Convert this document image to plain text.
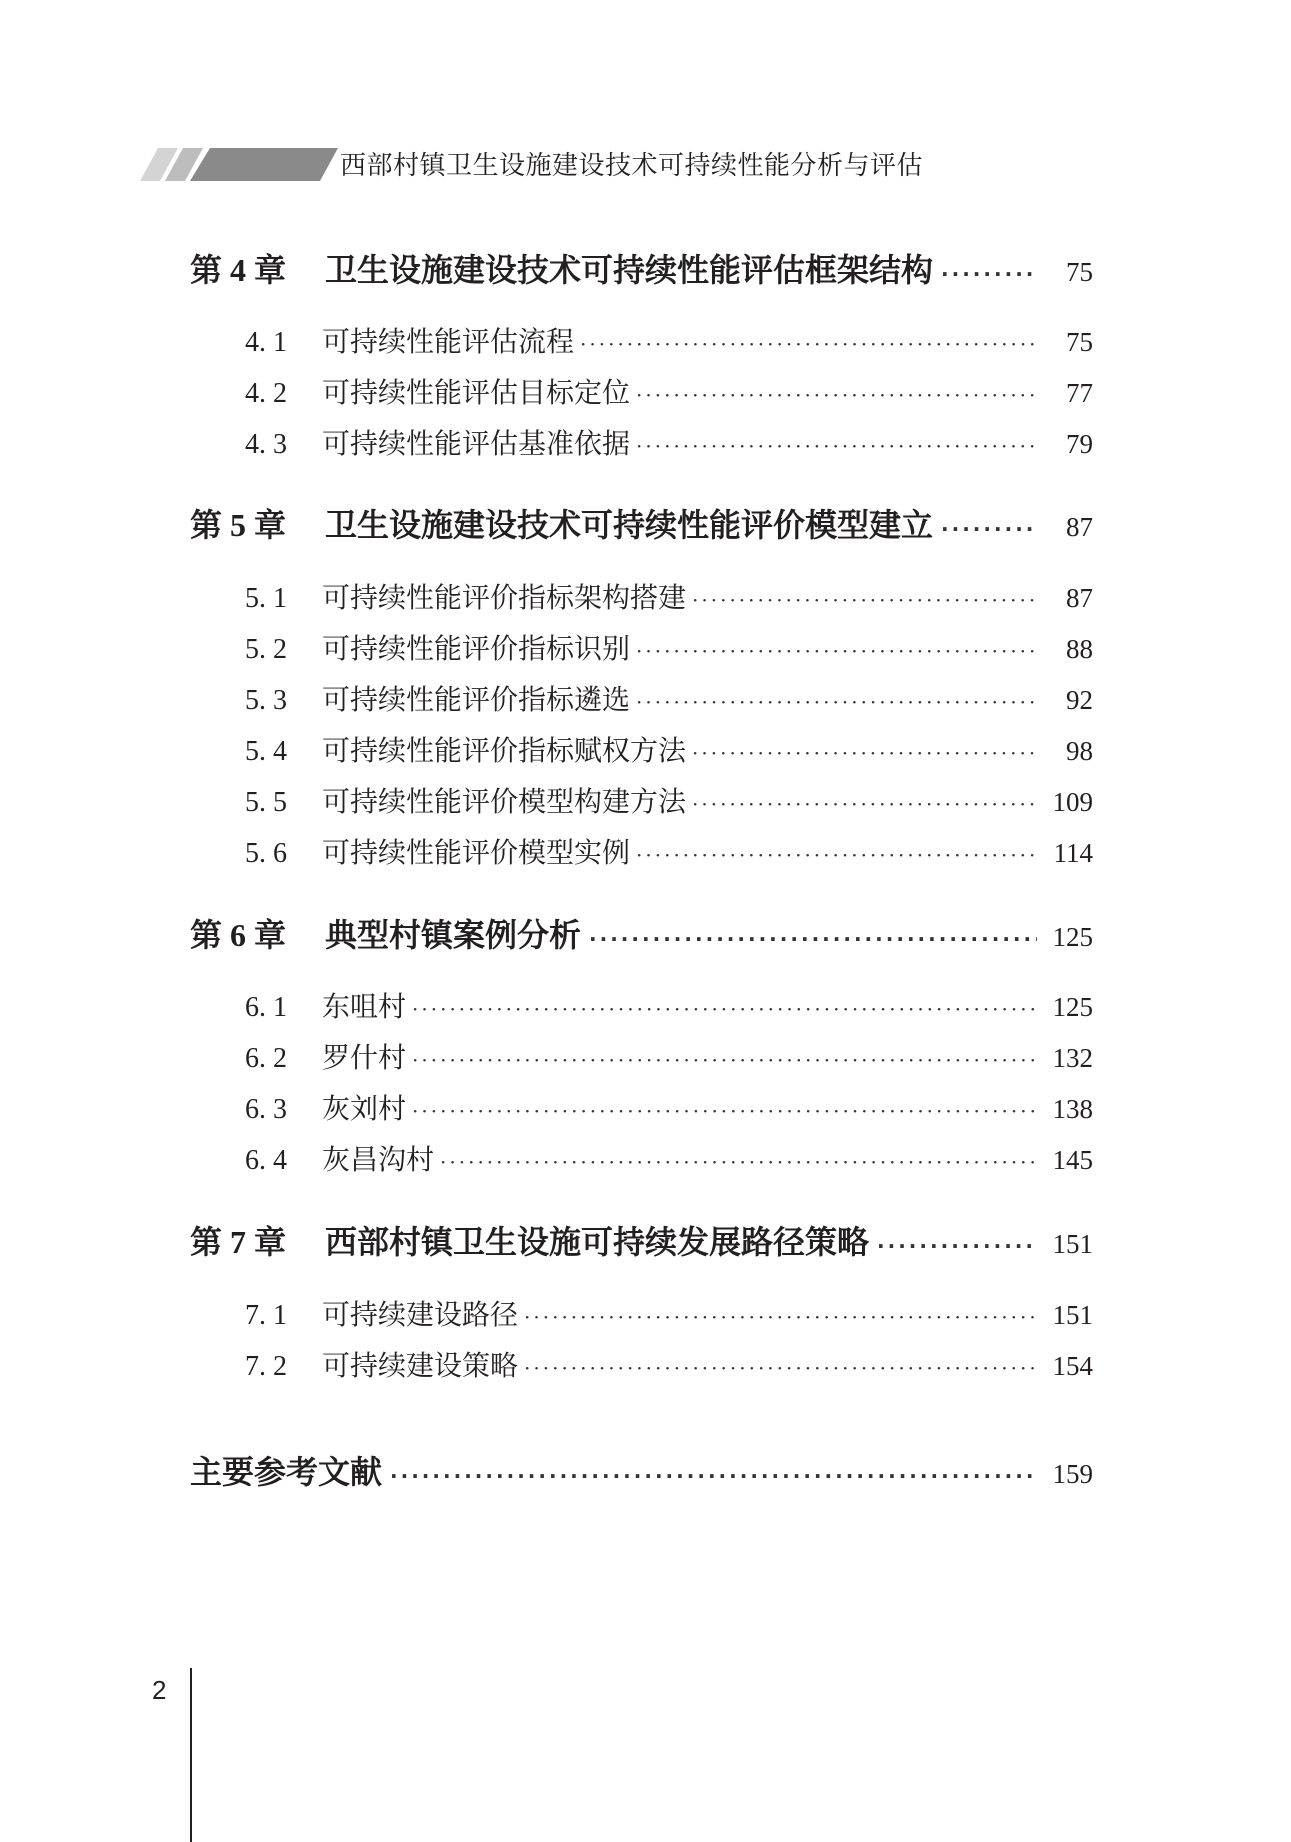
西部村镇卫生设施建设技术可持续性能分析与评估
第 4 章	卫生设施建设技术可持续性能评估框架结构 ·····	75
4. 1	可持续性能评估流程 ·····	75
4. 2	可持续性能评估目标定位 ·····	77
4. 3	可持续性能评估基准依据 ·····	79
第 5 章	卫生设施建设技术可持续性能评价模型建立 ·····	87
5. 1	可持续性能评价指标架构搭建 ·····	87
5. 2	可持续性能评价指标识别 ·····	88
5. 3	可持续性能评价指标遴选 ·····	92
5. 4	可持续性能评价指标赋权方法 ·····	98
5. 5	可持续性能评价模型构建方法 ·····	109
5. 6	可持续性能评价模型实例 ·····	114
第 6 章	典型村镇案例分析 ·····	125
6. 1	东咀村 ·····	125
6. 2	罗什村 ·····	132
6. 3	灰刘村 ·····	138
6. 4	灰昌沟村 ·····	145
第 7 章	西部村镇卫生设施可持续发展路径策略 ·····	151
7. 1	可持续建设路径 ·····	151
7. 2	可持续建设策略 ·····	154
主要参考文献 ·····	159
2
